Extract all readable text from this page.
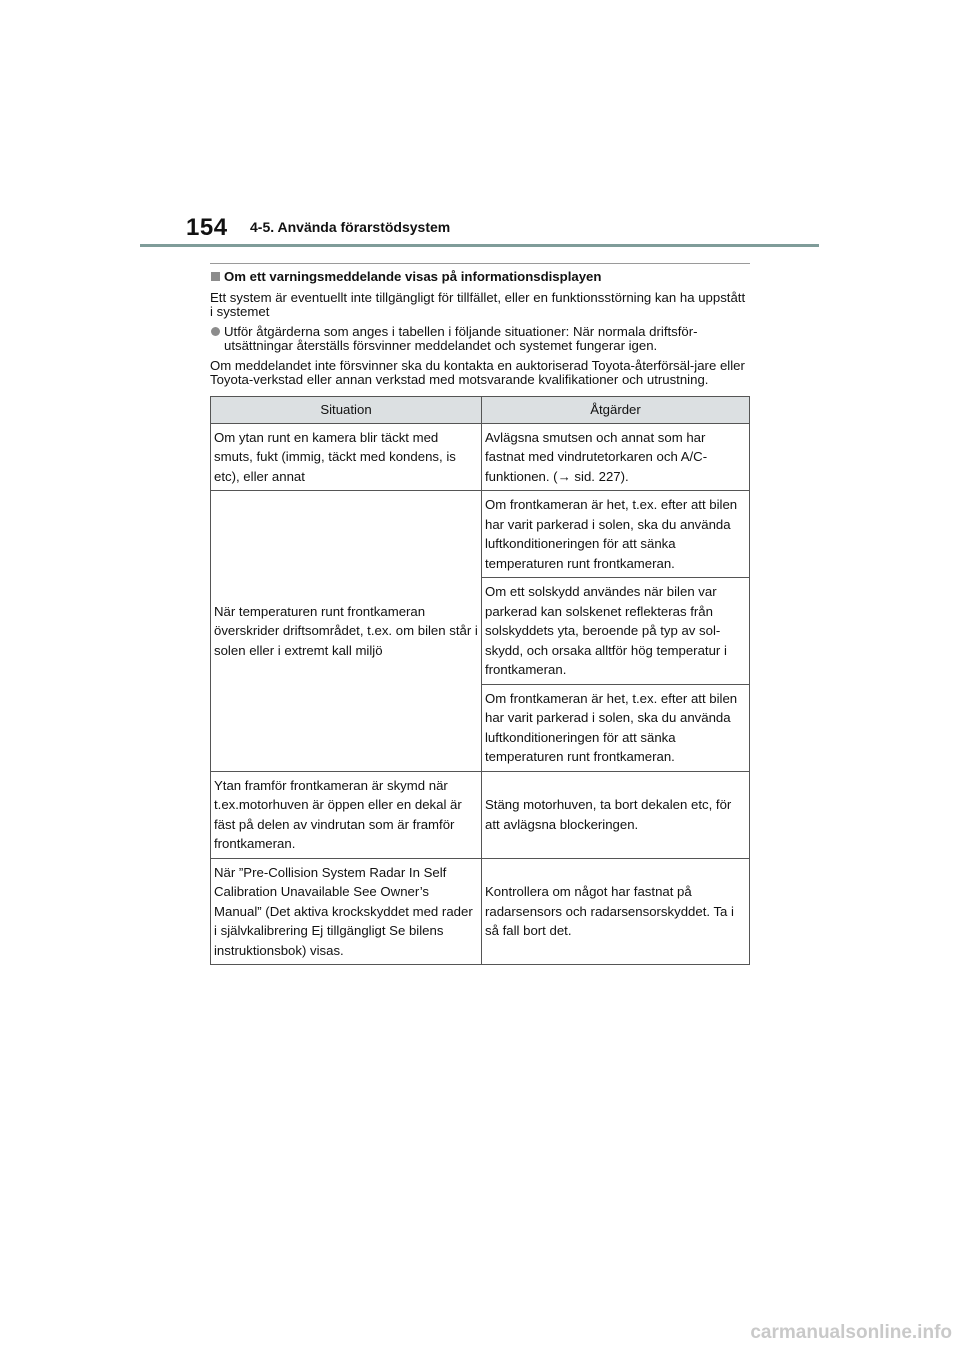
154 4-5. Använda förarstödsystem
Om ett varningsmeddelande visas på informationsdisplayen
Ett system är eventuellt inte tillgängligt för tillfället, eller en funktionsstörning kan ha uppstått i systemet
Utför åtgärderna som anges i tabellen i följande situationer: När normala driftsför-utsättningar återställs försvinner meddelandet och systemet fungerar igen.
Om meddelandet inte försvinner ska du kontakta en auktoriserad Toyota-återförsäl-jare eller Toyota-verkstad eller annan verkstad med motsvarande kvalifikationer och utrustning.
Situation	Åtgärder
Om ytan runt en kamera blir täckt med smuts, fukt (immig, täckt med kondens, is etc), eller annat	Avlägsna smutsen och annat som har fastnat med vindrutetorkaren och A/C-funktionen. (→ sid. 227).
När temperaturen runt frontkameran överskrider driftsområdet, t.ex. om bilen står i solen eller i extremt kall miljö	Om frontkameran är het, t.ex. efter att bilen har varit parkerad i solen, ska du använda luftkonditioneringen för att sänka temperaturen runt frontkameran.
	Om ett solskydd användes när bilen var parkerad kan solskenet reflekteras från solskyddets yta, beroende på typ av sol-skydd, och orsaka alltför hög temperatur i frontkameran.
	Om frontkameran är het, t.ex. efter att bilen har varit parkerad i solen, ska du använda luftkonditioneringen för att sänka temperaturen runt frontkameran.
Ytan framför frontkameran är skymd när t.ex.motorhuven är öppen eller en dekal är fäst på delen av vindrutan som är framför frontkameran.	Stäng motorhuven, ta bort dekalen etc, för att avlägsna blockeringen.
När ”Pre-Collision System Radar In Self Calibration Unavailable See Owner’s Manual” (Det aktiva krockskyddet med rader i självkalibrering Ej tillgängligt Se bilens instruktionsbok) visas.	Kontrollera om något har fastnat på radarsensors och radarsensorskyddet. Ta i så fall bort det.
carmanualsonline.info
